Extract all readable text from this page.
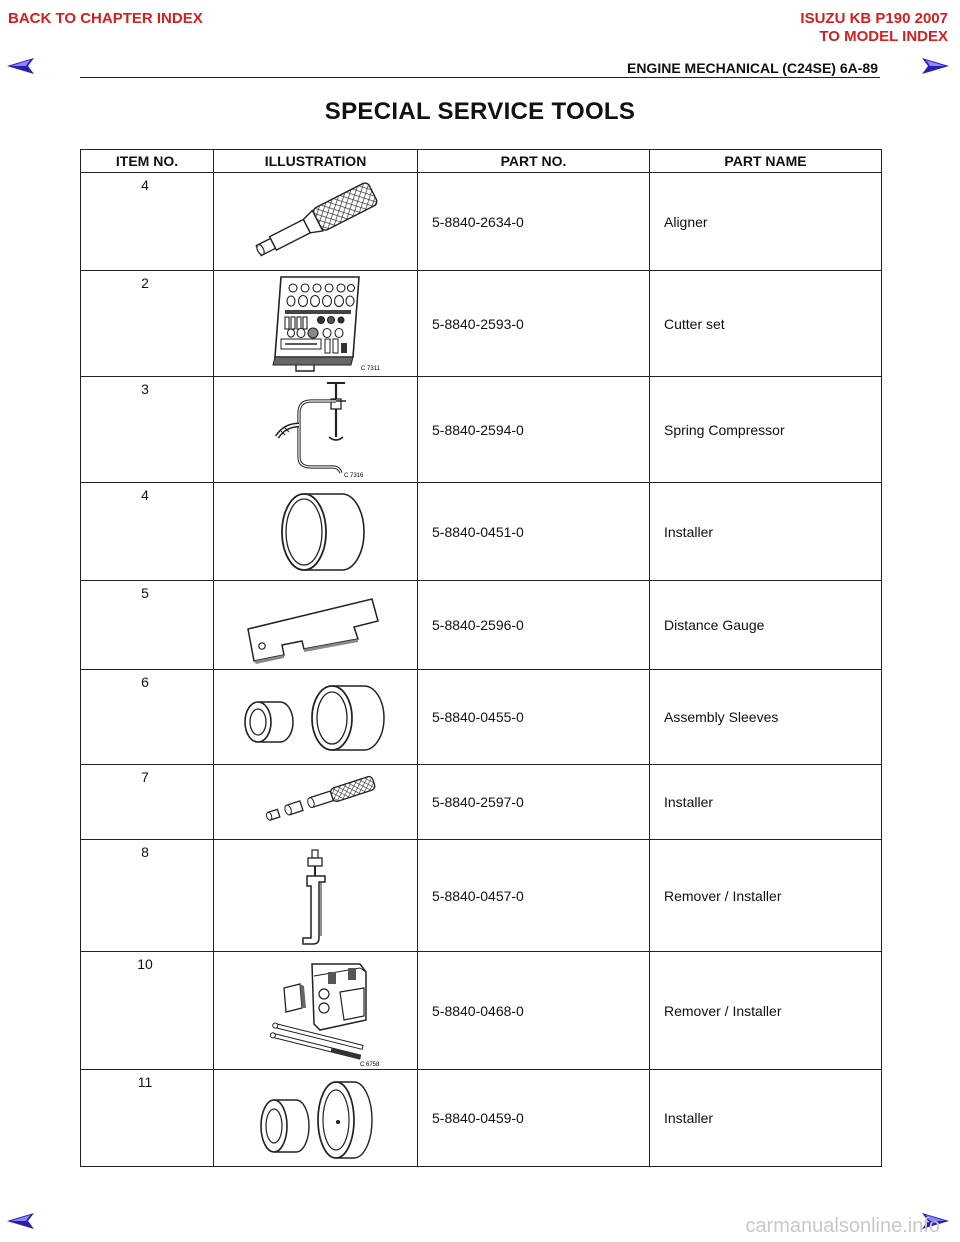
BACK TO CHAPTER INDEX	ISUZU KB P190 2007
TO MODEL INDEX
ENGINE MECHANICAL (C24SE) 6A-89
SPECIAL SERVICE TOOLS
ITEM NO.	ILLUSTRATION	PART NO.	PART NAME

4		5-8840-2634-0	Aligner

2	C 7311	5-8840-2593-0	Cutter set

3	C 7316	5-8840-2594-0	Spring Compressor

4		5-8840-0451-0	Installer

5		5-8840-2596-0	Distance Gauge

6		5-8840-0455-0	Assembly Sleeves

7		5-8840-2597-0	Installer

8		5-8840-0457-0	Remover / Installer

10	C 6758	5-8840-0468-0	Remover / Installer

11		5-8840-0459-0	Installer
carmanualsonline.info
